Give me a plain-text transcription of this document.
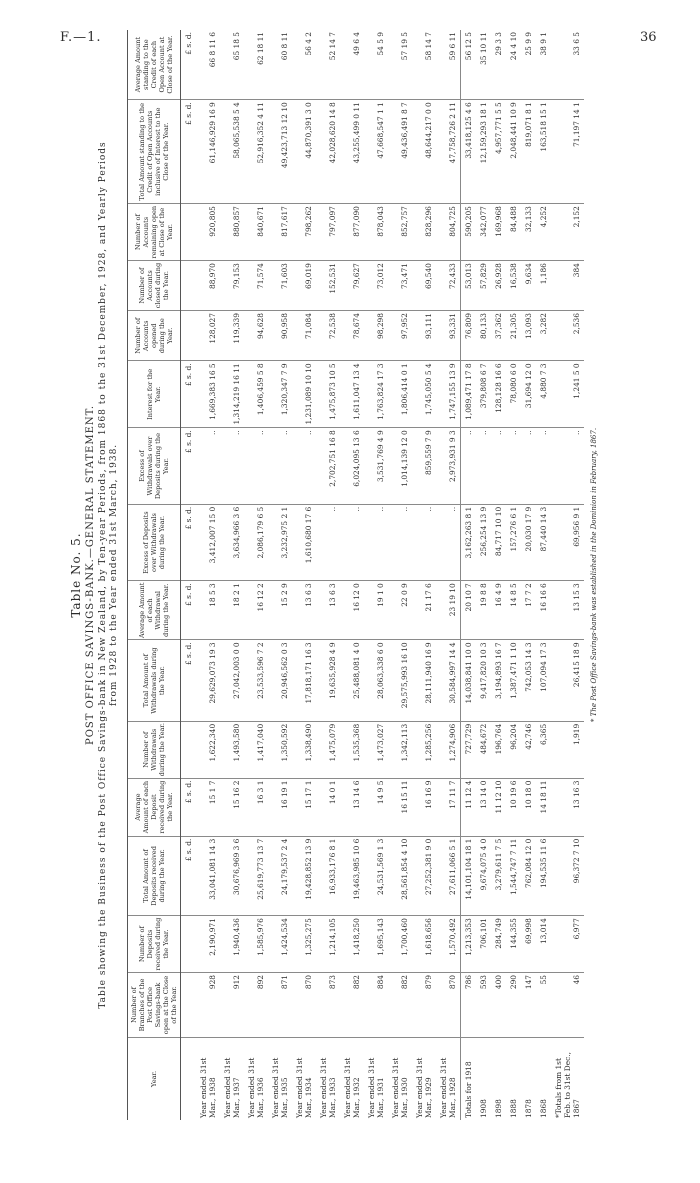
F.—1.	36
Table No. 5. POST OFFICE SAVINGS-BANK.—GENERAL STATEMENT. Table showing the Business of the Post Office Savings-bank in New Zealand, by Ten-year Periods, from 1868 to the 31st December, 1928, and Yearly Periods from 1928 to the Year ended 31st March, 1938.
Year.	Number of Branches of the Post Office Savings-bank open at the Close of the Year.	Number of Deposits received during the Year.	Total Amount of Deposits received during the Year.	Average Amount of each Deposit received during the Year.	Number of Withdrawals during the Year.	Total Amount of Withdrawals during the Year.	Average Amount of each Withdrawal during the Year.	Excess of Deposits over Withdrawals during the Year.	Excess of Withdrawals over Deposits during the Year.	Interest for the Year.	Number of Accounts opened during the Year.	Number of Accounts closed during the Year.	Number of Accounts remaining open at Close of the Year.	Total Amount standing to the Credit of Open Accounts inclusive of Interest to the Close of the Year.	Average Amount standing to the Credit of each Open Account at Close of the Year.
			£ s. d.	£ s. d.		£ s. d.	£ s. d.	£ s. d.	£ s. d.	£ s. d.				£ s. d.	£ s. d.
Year ended 31st Mar., 1938	928	2,190,971	33,041,081 14 3	15 1 7	1,622,340	29,629,073 19 3	18 5 3	3,412,007 15 0	..	1,669,383 16 5	128,027	88,970	920,805	61,146,929 16 9	66 8 11 6
Year ended 31st Mar., 1937	912	1,940,436	30,676,969 3 6	15 16 2	1,493,580	27,042,003 0 0	18 2 1	3,634,966 3 6	..	1,314,219 16 11	119,339	79,153	880,857	58,065,538 5 4	65 18 5
Year ended 31st Mar., 1936	892	1,585,976	25,619,773 13 7	16 3 1	1,417,040	23,533,596 7 2	16 12 2	2,086,179 6 5	..	1,406,459 5 8	94,628	71,574	840,671	52,916,352 4 11	62 18 11
Year ended 31st Mar., 1935	871	1,424,534	24,179,537 2 4	16 19 1	1,350,592	20,946,562 0 3	15 2 9	3,232,975 2 1	..	1,320,347 7 9	90,958	71,603	817,617	49,423,713 12 10	60 8 11
Year ended 31st Mar., 1934	870	1,325,275	19,428,852 13 9	15 17 1	1,338,490	17,818,171 16 3	13 6 3	1,610,680 17 6	..	1,231,089 10 10	71,084	69,019	798,262	44,870,391 3 0	56 4 2
Year ended 31st Mar., 1933	873	1,214,105	16,933,176 8 1	14 0 1	1,475,079	19,635,928 4 9	13 6 3	..	2,702,751 16 8	1,475,873 10 5	72,538	152,531	797,097	42,028,620 14 8	52 14 7
Year ended 31st Mar., 1932	882	1,418,250	19,463,985 10 6	13 14 6	1,535,368	25,488,081 4 0	16 12 0	..	6,024,095 13 6	1,611,047 13 4	78,674	79,627	877,090	43,255,499 0 11	49 6 4
Year ended 31st Mar., 1931	884	1,695,143	24,531,569 1 3	14 9 5	1,473,027	28,063,338 6 0	19 1 0	..	3,531,769 4 9	1,763,824 17 3	98,298	73,012	878,043	47,668,547 1 1	54 5 9
Year ended 31st Mar., 1930	882	1,700,460	28,561,854 4 10	16 15 11	1,342,113	29,575,993 16 10	22 0 9	..	1,014,139 12 0	1,806,414 0 1	97,952	73,471	852,757	49,436,491 8 7	57 19 5
Year ended 31st Mar., 1929	879	1,618,656	27,252,381 9 0	16 16 9	1,285,256	28,111,940 16 9	21 17 6	..	859,559 7 9	1,745,050 5 4	93,111	69,540	828,296	48,644,217 0 0	58 14 7
Year ended 31st Mar., 1928	870	1,570,492	27,611,066 5 1	17 11 7	1,274,906	30,584,997 14 4	23 19 10	..	2,973,931 9 3	1,747,155 13 9	93,331	72,433	804,725	47,758,726 2 11	59 6 11
Totals for 1918	786	1,213,353	14,101,104 18 1	11 12 4	727,729	14,038,841 10 0	20 10 7	3,162,263 8 1	..	1,089,471 17 8	76,809	53,013	590,205	33,418,125 4 6	56 12 5
1908	593	706,101	9,674,075 4 0	13 14 0	484,672	9,417,820 10 3	19 8 8	256,254 13 9	..	379,808 6 7	80,133	57,829	342,077	12,159,293 18 1	35 10 11
1898	400	284,749	3,279,611 7 5	11 12 10	196,764	3,194,893 16 7	16 4 9	84,717 10 10	..	128,128 16 6	37,362	26,928	169,968	4,957,771 5 5	29 3 3
1888	290	144,355	1,544,747 7 11	10 19 6	96,204	1,387,471 1 10	14 8 5	157,276 6 1	..	78,080 6 0	21,305	16,538	84,488	2,048,441 10 9	24 4 10
1878	147	69,998	762,084 12 0	10 18 0	42,746	742,053 14 3	17 7 2	20,030 17 9	..	31,694 12 0	13,093	9,634	32,133	819,071 8 1	25 9 9
1868	55	13,014	194,535 11 6	14 18 11	6,365	107,094 17 3	16 16 6	87,440 14 3	..	4,880 7 3	3,282	1,186	4,252	163,518 15 1	38 9 1
*Totals from 1st Feb. to 31st Dec., 1867	46	6,977	96,372 7 10	13 16 3	1,919	26,415 18 9	13 15 3	69,956 9 1	..	1,241 5 0	2,536	384	2,152	71,197 14 1	33 6 5
* The Post Office Savings-bank was established in the Dominion in February, 1867.
